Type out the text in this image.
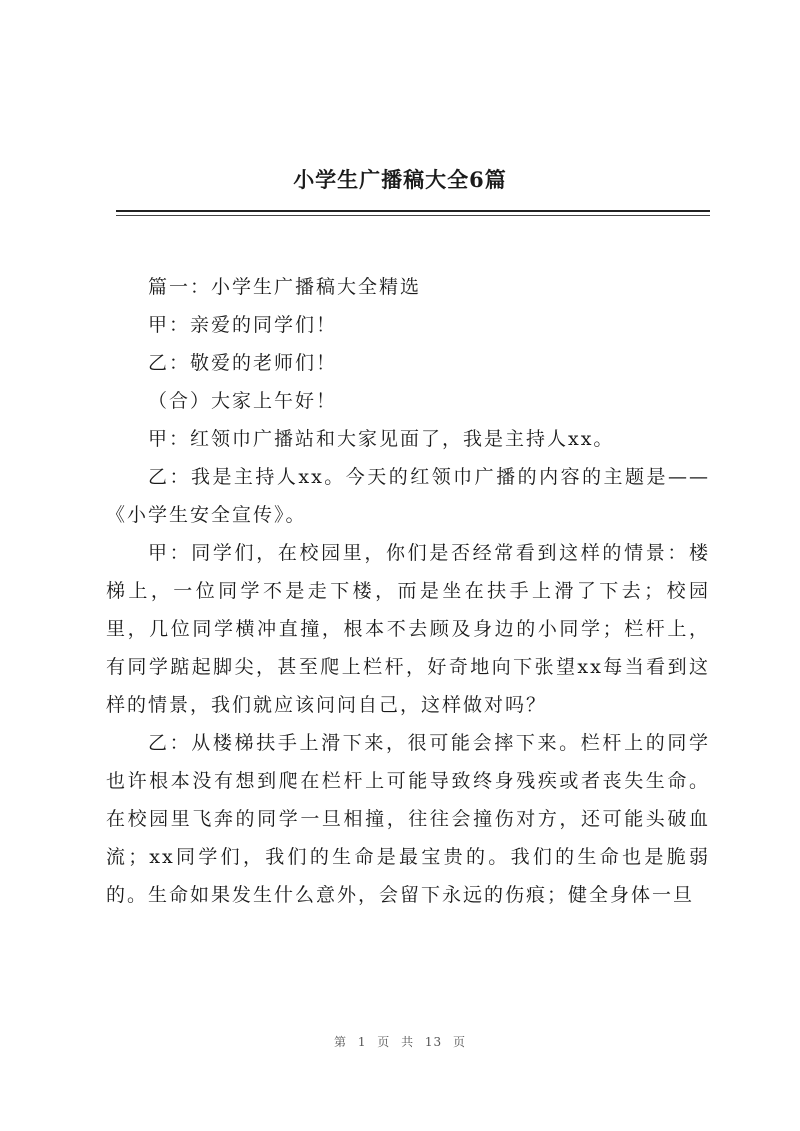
小学生广播稿大全6篇

篇一：小学生广播稿大全精选

甲：亲爱的同学们！

乙：敬爱的老师们！

（合）大家上午好！

甲：红领巾广播站和大家见面了，我是主持人xx。

乙：我是主持人xx。今天的红领巾广播的内容的主题是——《小学生安全宣传》。

甲：同学们，在校园里，你们是否经常看到这样的情景：楼梯上，一位同学不是走下楼，而是坐在扶手上滑了下去；校园里，几位同学横冲直撞，根本不去顾及身边的小同学；栏杆上，有同学踮起脚尖，甚至爬上栏杆，好奇地向下张望xx每当看到这样的情景，我们就应该问问自己，这样做对吗？

乙：从楼梯扶手上滑下来，很可能会摔下来。栏杆上的同学也许根本没有想到爬在栏杆上可能导致终身残疾或者丧失生命。在校园里飞奔的同学一旦相撞，往往会撞伤对方，还可能头破血流；xx同学们，我们的生命是最宝贵的。我们的生命也是脆弱的。生命如果发生什么意外，会留下永远的伤痕；健全身体一旦

第 1 页 共 13 页
